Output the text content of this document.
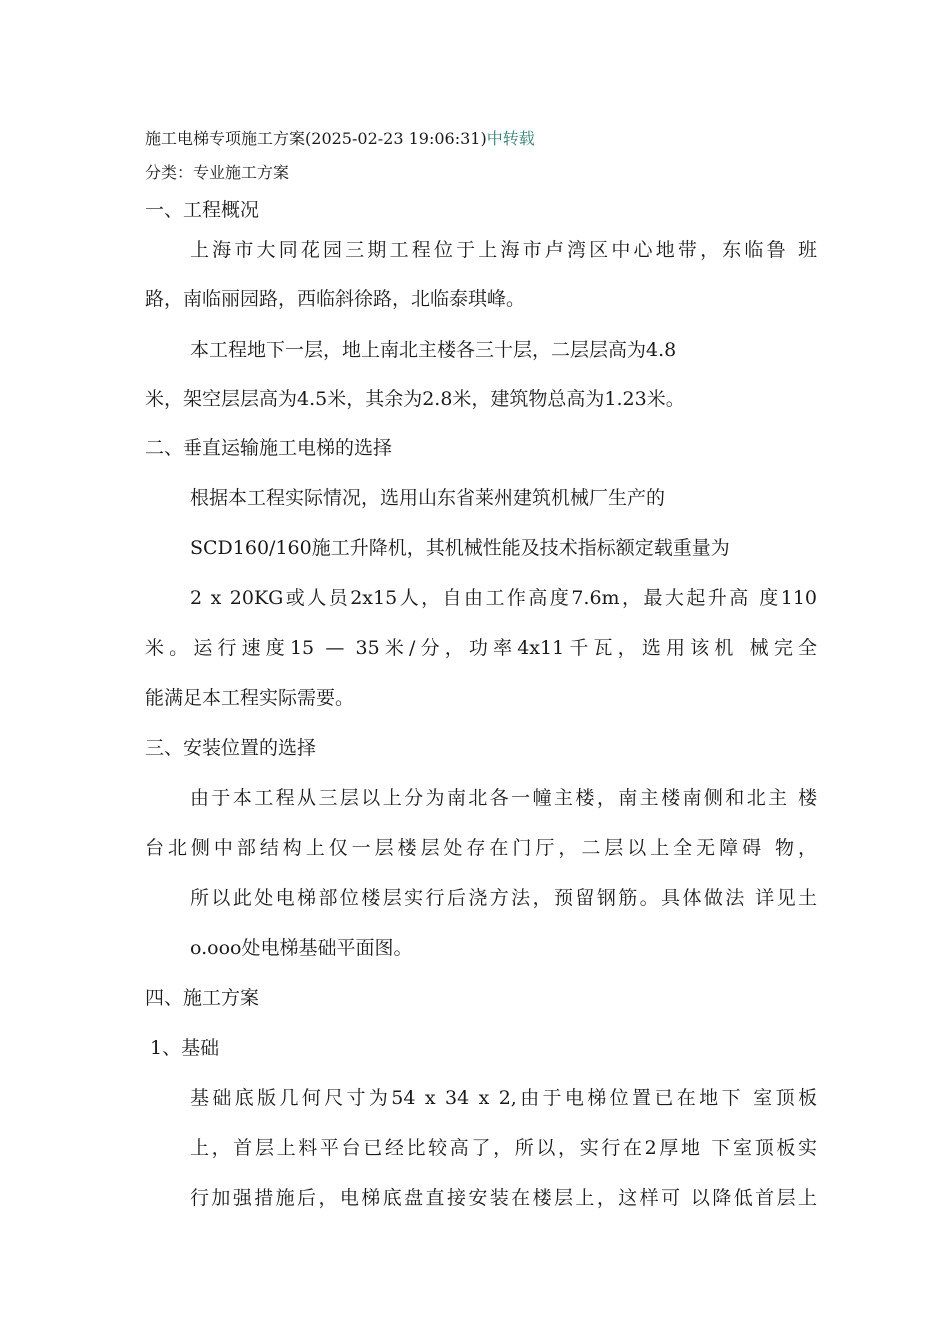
施工电梯专项施工方案(2025-02-23 19:06:31)中转载
分类：专业施工方案
一、工程概况
上海市大同花园三期工程位于上海市卢湾区中心地带，东临鲁 班
路，南临丽园路，西临斜徐路，北临泰琪峰。
本工程地下一层，地上南北主楼各三十层，二层层高为4.8
米，架空层层高为4.5米，其余为2.8米，建筑物总高为1.23米。
二、垂直运输施工电梯的选择
根据本工程实际情况，选用山东省莱州建筑机械厂生产的
SCD160/160施工升降机，其机械性能及技术指标额定载重量为
2 x 20KG或人员2x15人，自由工作高度7.6m，最大起升高 度110
米。运行速度15 — 35米/分，功率4x11千瓦，选用该机 械完全
能满足本工程实际需要。
三、安装位置的选择
由于本工程从三层以上分为南北各一幢主楼，南主楼南侧和北主 楼
台北侧中部结构上仅一层楼层处存在门厅，二层以上全无障碍 物，
所以此处电梯部位楼层实行后浇方法，预留钢筋。具体做法 详见土
o.ooo处电梯基础平面图。
四、施工方案
1、基础
基础底版几何尺寸为54 x 34 x 2,由于电梯位置已在地下 室顶板
上，首层上料平台已经比较高了，所以，实行在2厚地 下室顶板实
行加强措施后，电梯底盘直接安装在楼层上，这样可 以降低首层上
